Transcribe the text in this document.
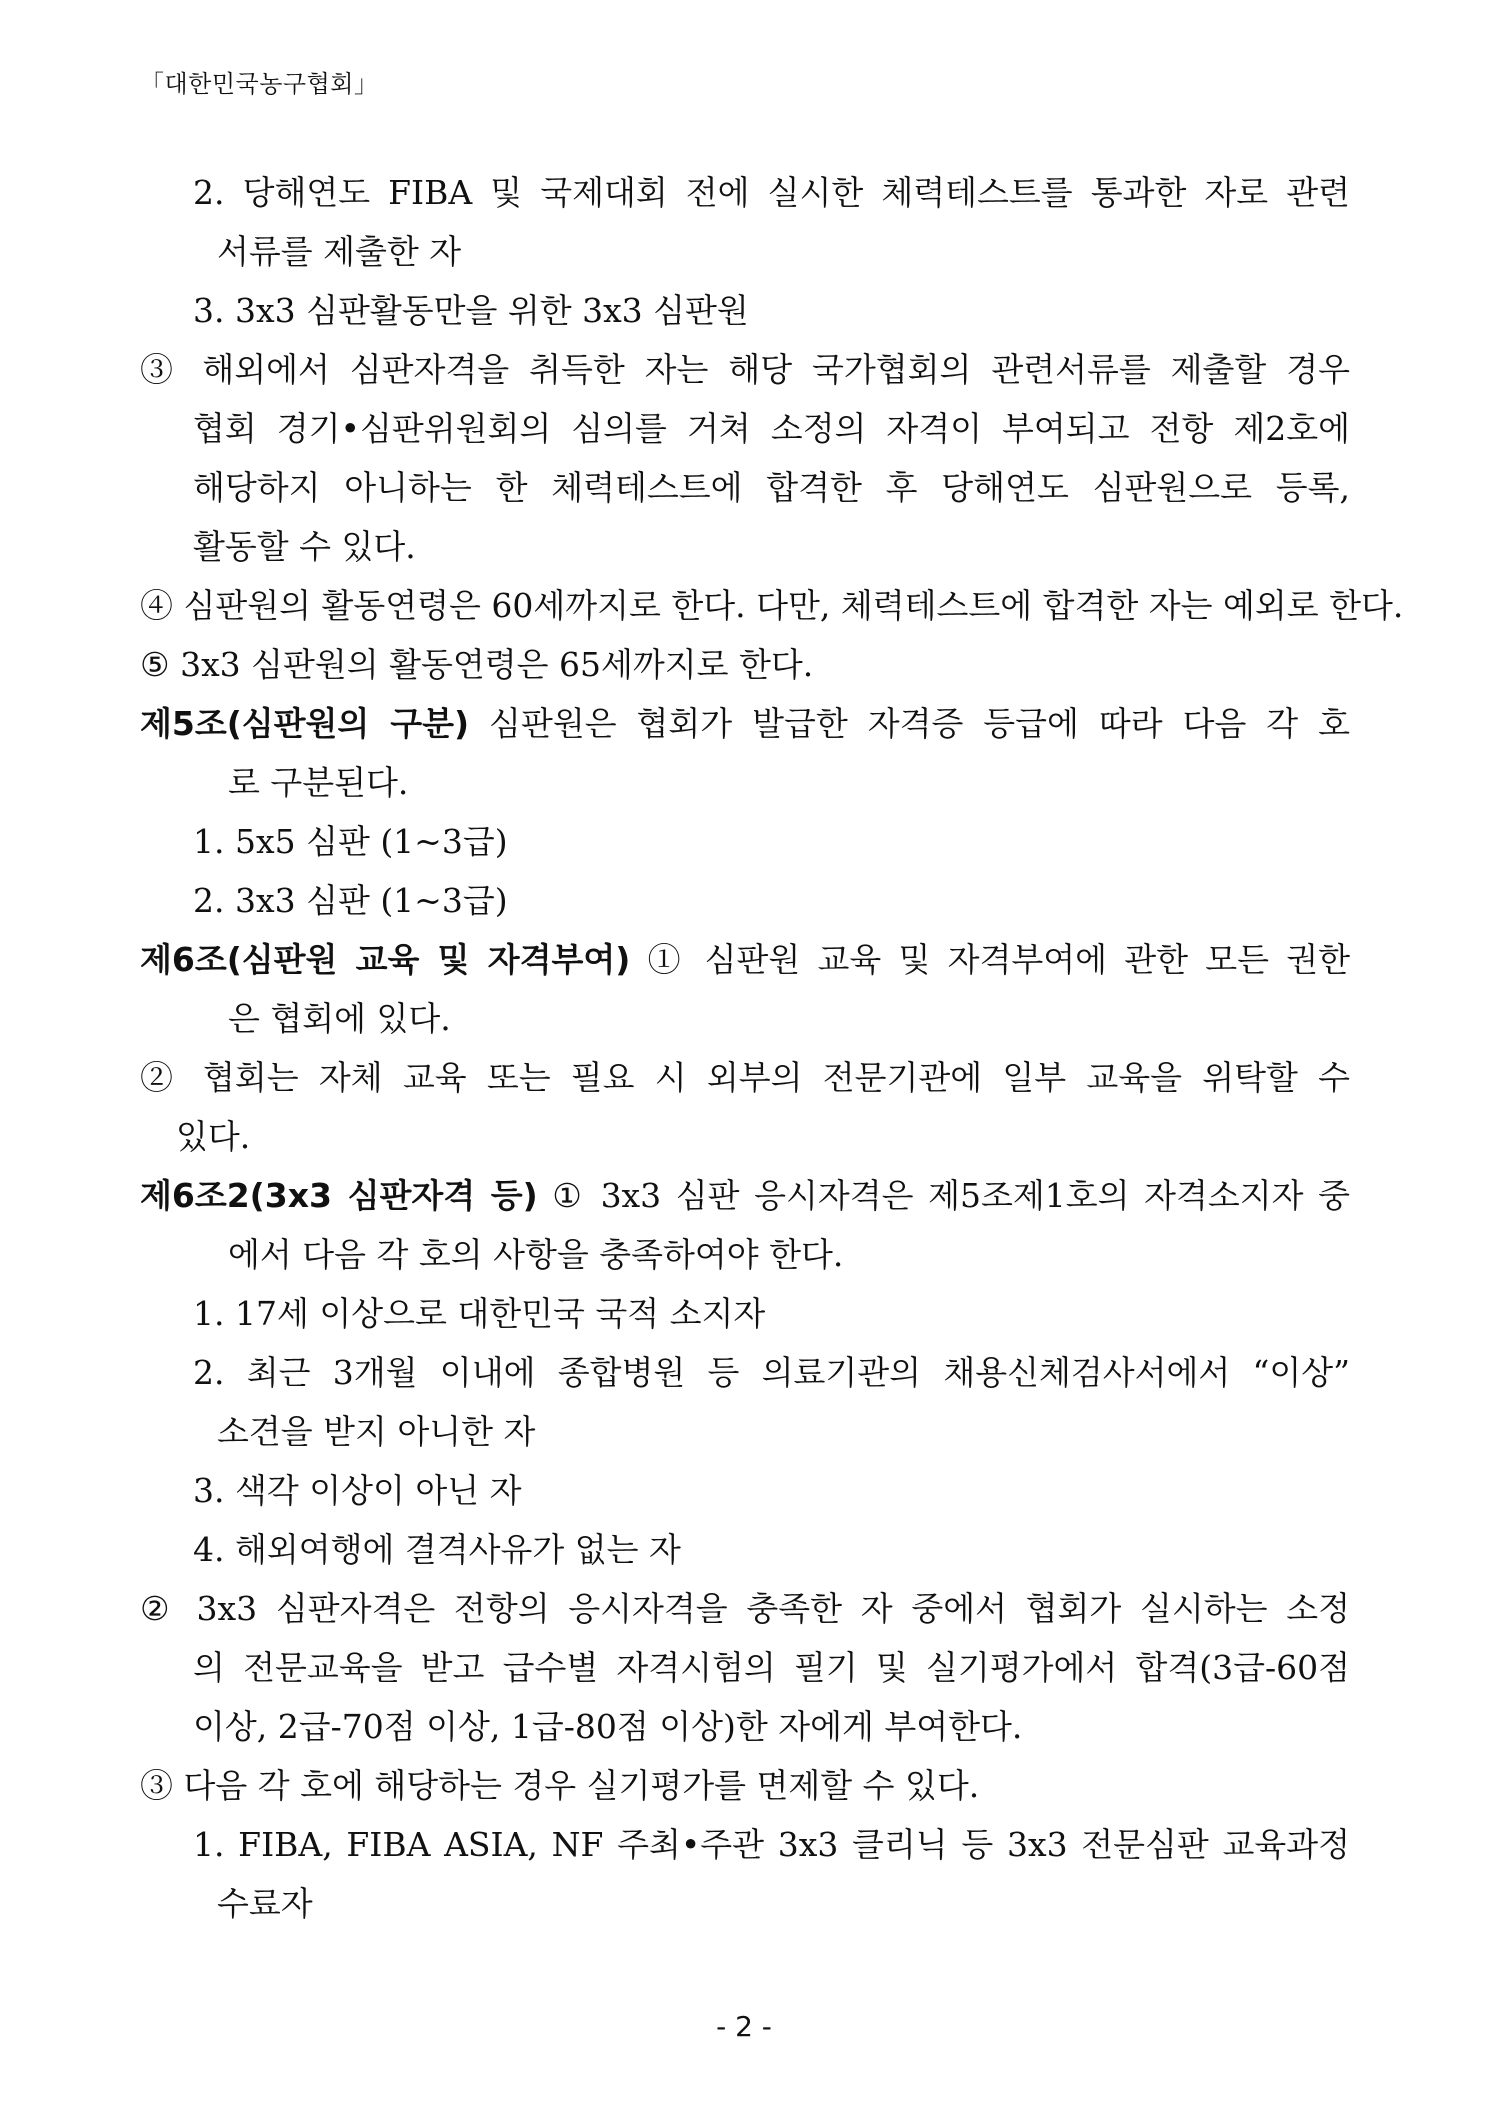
「대한민국농구협회」
2. 당해연도 FIBA 및 국제대회 전에 실시한 체력테스트를 통과한 자로 관련
서류를 제출한 자
3. 3x3 심판활동만을 위한 3x3 심판원
③ 해외에서 심판자격을 취득한 자는 해당 국가협회의 관련서류를 제출할 경우
협회 경기•심판위원회의 심의를 거쳐 소정의 자격이 부여되고 전항 제2호에
해당하지 아니하는 한 체력테스트에 합격한 후 당해연도 심판원으로 등록,
활동할 수 있다.
④ 심판원의 활동연령은 60세까지로 한다. 다만, 체력테스트에 합격한 자는 예외로 한다.
⑤ 3x3 심판원의 활동연령은 65세까지로 한다.
제5조(심판원의 구분) 심판원은 협회가 발급한 자격증 등급에 따라 다음 각 호
로 구분된다.
1. 5x5 심판 (1~3급)
2. 3x3 심판 (1~3급)
제6조(심판원 교육 및 자격부여) ① 심판원 교육 및 자격부여에 관한 모든 권한
은 협회에 있다.
② 협회는 자체 교육 또는 필요 시 외부의 전문기관에 일부 교육을 위탁할 수
있다.
제6조2(3x3 심판자격 등) ① 3x3 심판 응시자격은 제5조제1호의 자격소지자 중
에서 다음 각 호의 사항을 충족하여야 한다.
1. 17세 이상으로 대한민국 국적 소지자
2. 최근 3개월 이내에 종합병원 등 의료기관의 채용신체검사서에서 “이상”
소견을 받지 아니한 자
3. 색각 이상이 아닌 자
4. 해외여행에 결격사유가 없는 자
② 3x3 심판자격은 전항의 응시자격을 충족한 자 중에서 협회가 실시하는 소정
의 전문교육을 받고 급수별 자격시험의 필기 및 실기평가에서 합격(3급-60점
이상, 2급-70점 이상, 1급-80점 이상)한 자에게 부여한다.
③ 다음 각 호에 해당하는 경우 실기평가를 면제할 수 있다.
1. FIBA, FIBA ASIA, NF 주최•주관 3x3 클리닉 등 3x3 전문심판 교육과정
수료자
- 2 -
